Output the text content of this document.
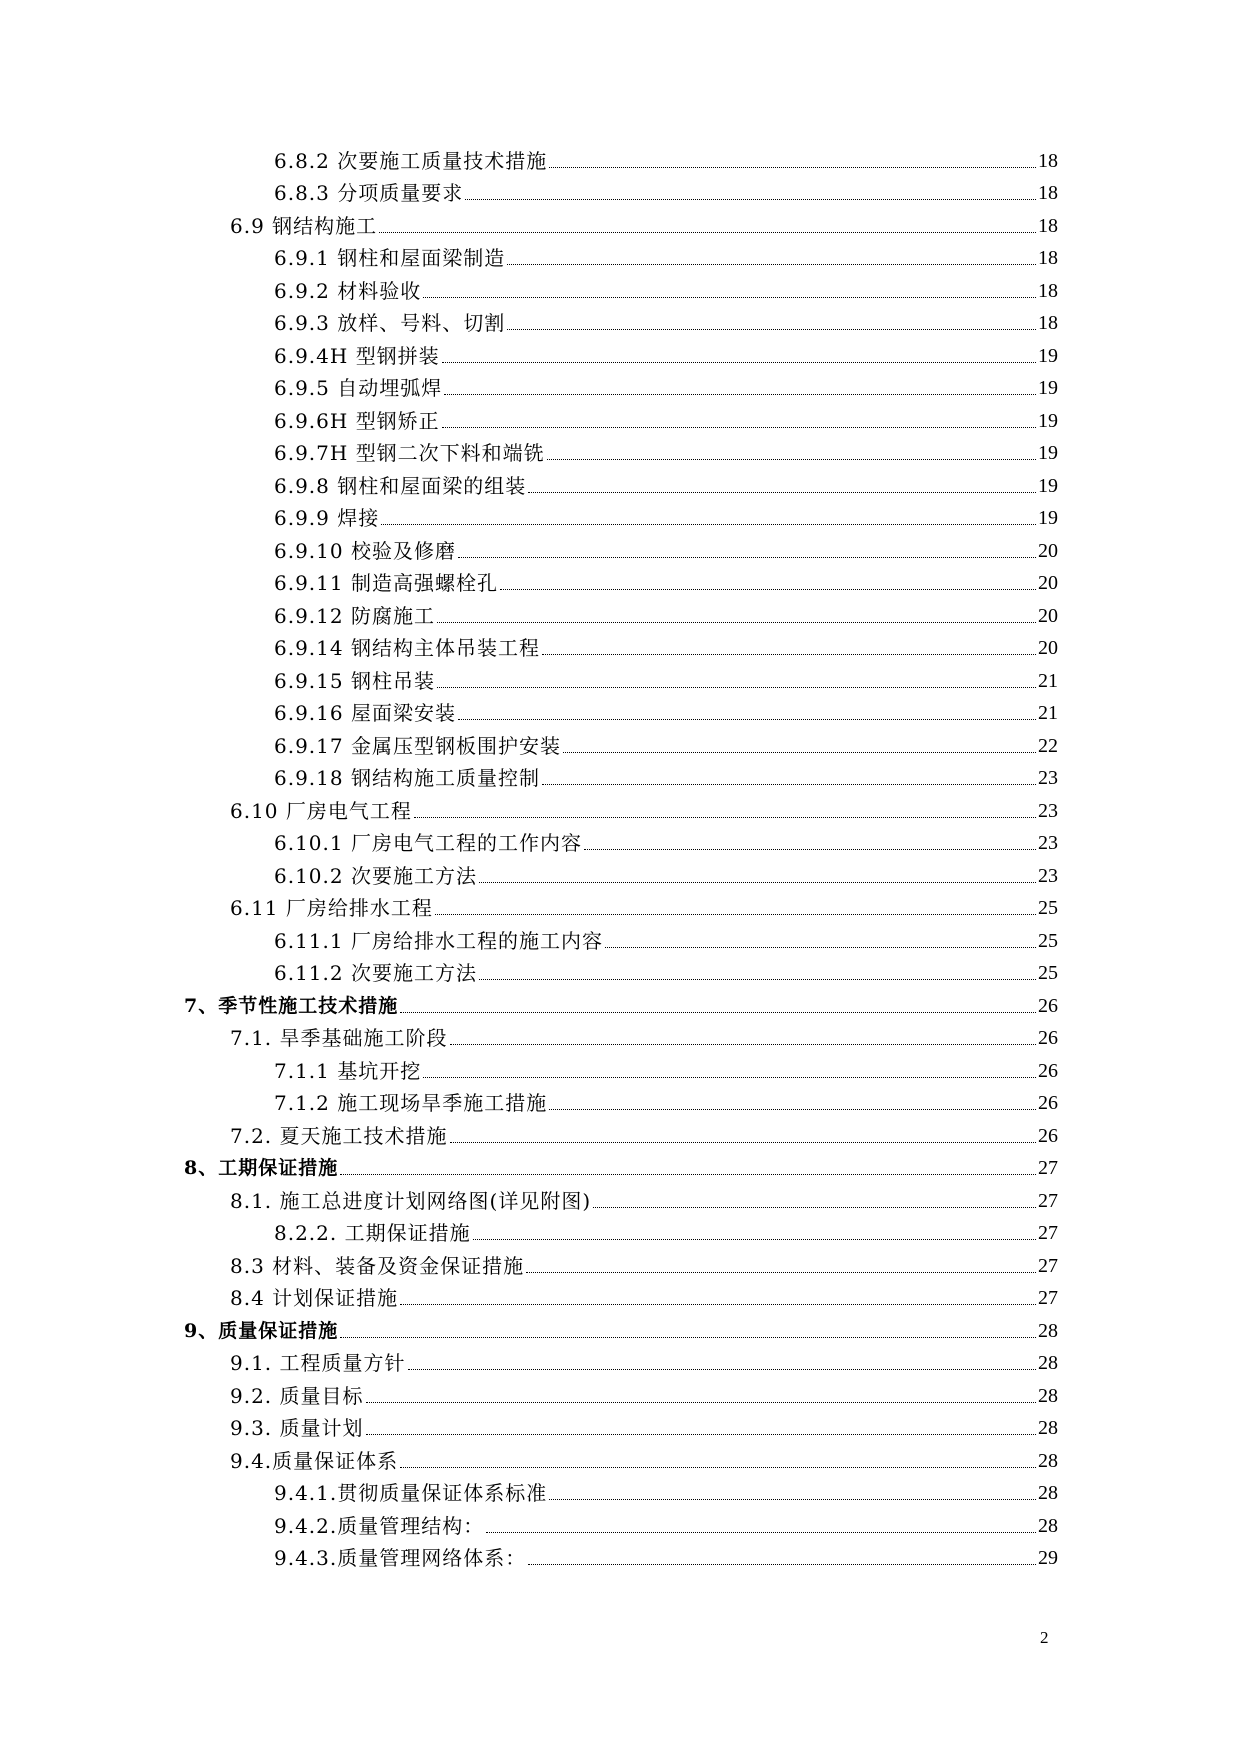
6.8.2 次要施工质量技术措施	18
6.8.3 分项质量要求	18
6.9 钢结构施工	18
6.9.1 钢柱和屋面梁制造	18
6.9.2 材料验收	18
6.9.3 放样、号料、切割	18
6.9.4H 型钢拼装	19
6.9.5 自动埋弧焊	19
6.9.6H 型钢矫正	19
6.9.7H 型钢二次下料和端铣	19
6.9.8 钢柱和屋面梁的组装	19
6.9.9 焊接	19
6.9.10 校验及修磨	20
6.9.11 制造高强螺栓孔	20
6.9.12 防腐施工	20
6.9.14 钢结构主体吊装工程	20
6.9.15 钢柱吊装	21
6.9.16 屋面梁安装	21
6.9.17 金属压型钢板围护安装	22
6.9.18 钢结构施工质量控制	23
6.10 厂房电气工程	23
6.10.1 厂房电气工程的工作内容	23
6.10.2 次要施工方法	23
6.11 厂房给排水工程	25
6.11.1 厂房给排水工程的施工内容	25
6.11.2 次要施工方法	25
7、季节性施工技术措施	26
7.1. 旱季基础施工阶段	26
7.1.1 基坑开挖	26
7.1.2 施工现场旱季施工措施	26
7.2. 夏天施工技术措施	26
8、工期保证措施	27
8.1. 施工总进度计划网络图(详见附图)	27
8.2.2. 工期保证措施	27
8.3 材料、装备及资金保证措施	27
8.4 计划保证措施	27
9、质量保证措施	28
9.1. 工程质量方针	28
9.2. 质量目标	28
9.3. 质量计划	28
9.4.质量保证体系	28
9.4.1.贯彻质量保证体系标准	28
9.4.2.质量管理结构：	28
9.4.3.质量管理网络体系：	29
2
